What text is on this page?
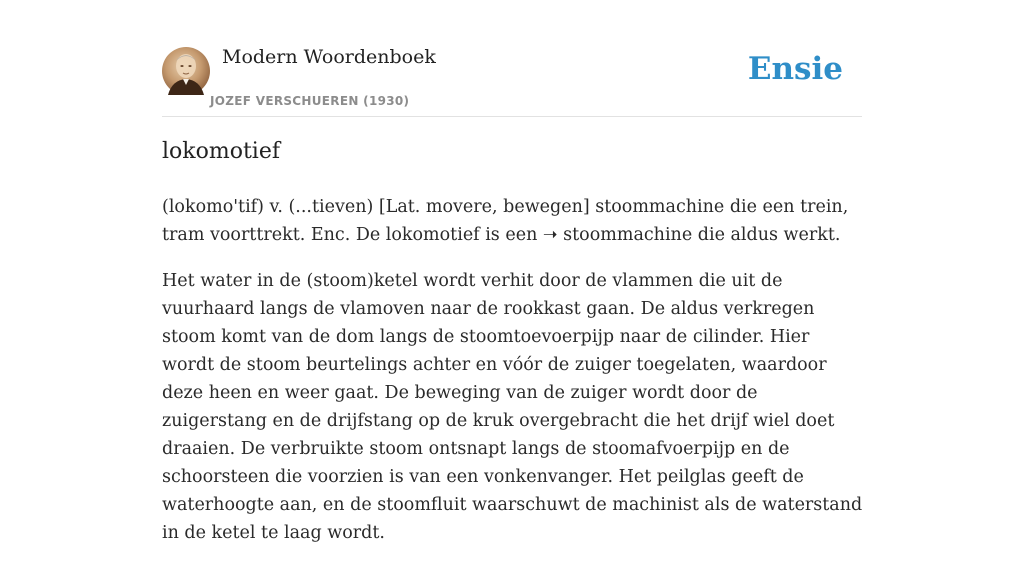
Modern Woordenboek
JOZEF VERSCHUEREN (1930)
Ensie
lokomotief

(lokomo'tif) v. (...tieven) [Lat. movere, bewegen] stoommachine die een trein, tram voorttrekt. Enc. De lokomotief is een ➝ stoommachine die aldus werkt.

Het water in de (stoom)ketel wordt verhit door de vlammen die uit de vuurhaard langs de vlamoven naar de rookkast gaan. De aldus verkregen stoom komt van de dom langs de stoomtoevoerpijp naar de cilinder. Hier wordt de stoom beurtelings achter en vóór de zuiger toegelaten, waardoor deze heen en weer gaat. De beweging van de zuiger wordt door de zuigerstang en de drijfstang op de kruk overgebracht die het drijf wiel doet draaien. De verbruikte stoom ontsnapt langs de stoomafvoerpijp en de schoorsteen die voorzien is van een vonkenvanger. Het peilglas geeft de waterhoogte aan, en de stoomfluit waarschuwt de machinist als de waterstand in de ketel te laag wordt.
